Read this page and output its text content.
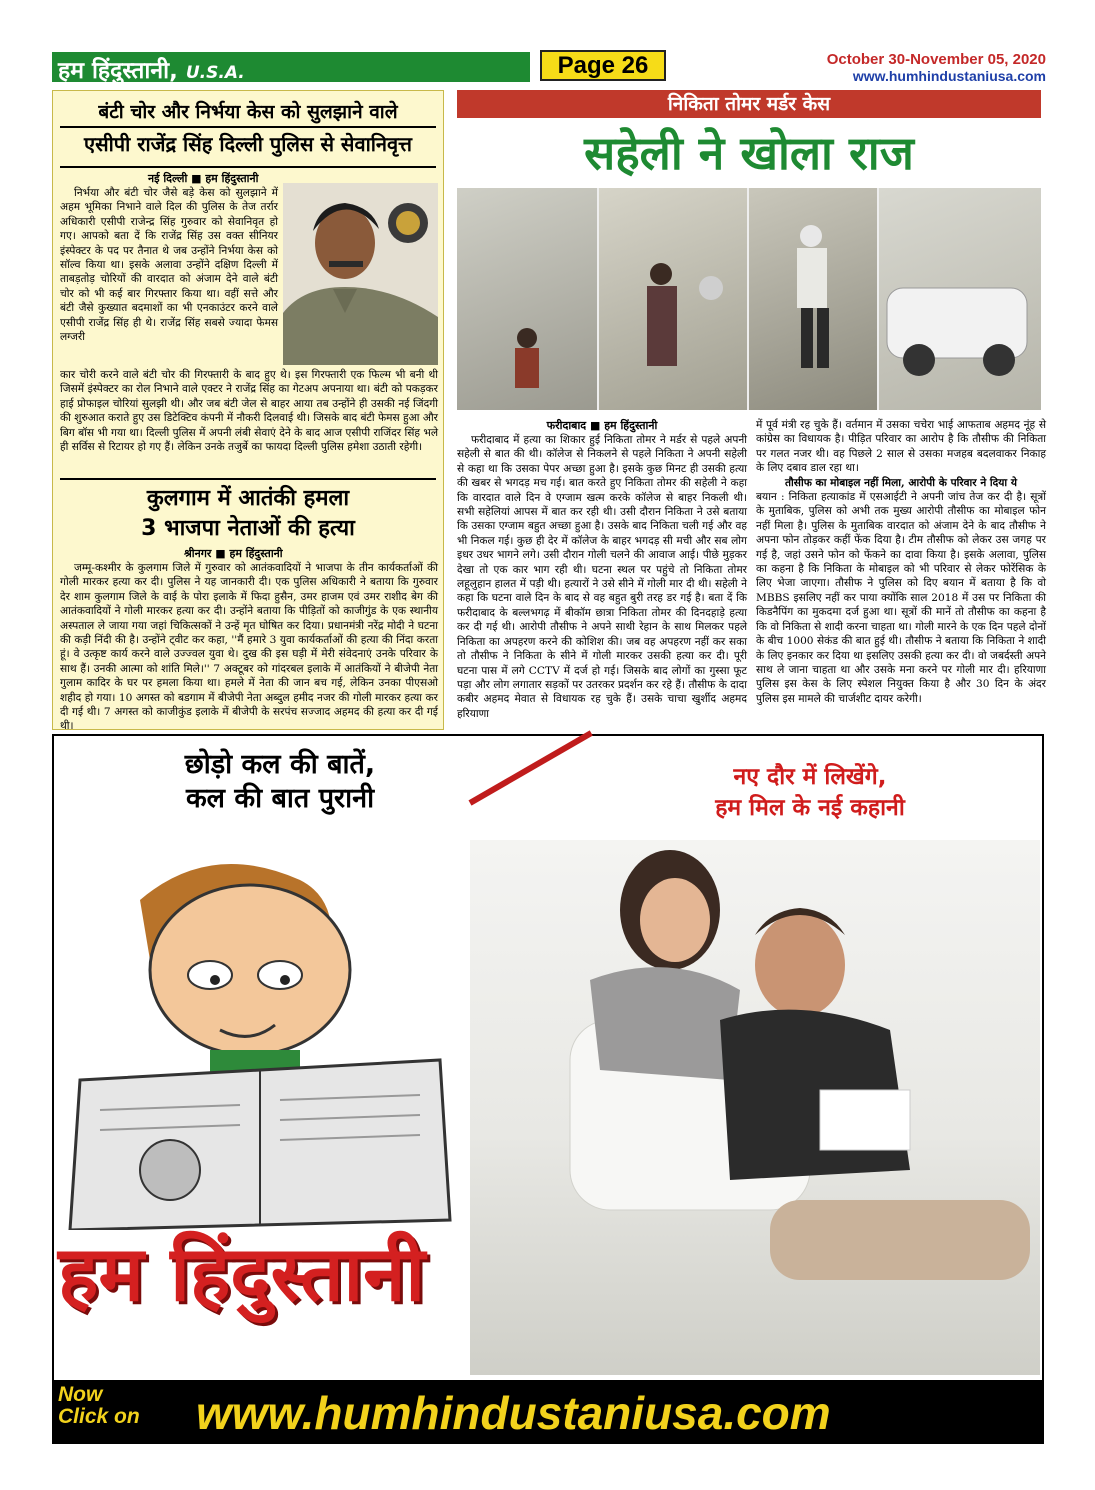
हम हिंदुस्तानी, U.S.A.	Page 26	October 30-November 05, 2020
www.humhindustaniusa.com
बंटी चोर और निर्भया केस को सुलझाने वाले
एसीपी राजेंद्र सिंह दिल्ली पुलिस से सेवानिवृत्त
नई दिल्ली ■ हम हिंदुस्तानी
निर्भया और बंटी चोर जैसे बड़े केस को सुलझाने में अहम भूमिका निभाने वाले दिल की पुलिस के तेज तर्रार अधिकारी एसीपी राजेन्द्र सिंह गुरुवार को सेवानिवृत हो गए। आपको बता दें कि राजेंद्र सिंह उस वक्त सीनियर इंस्पेक्टर के पद पर तैनात थे जब उन्होंने निर्भया केस को सॉल्व किया था। इसके अलावा उन्होंने दक्षिण दिल्ली में ताबड़तोड़ चोरियों की वारदात को अंजाम देने वाले बंटी चोर को भी कई बार गिरफ्तार किया था। वहीं सत्ते और बंटी जैसे कुख्यात बदमाशों का भी एनकाउंटर करने वाले एसीपी राजेंद्र सिंह ही थे। राजेंद्र सिंह सबसे ज्यादा फेमस लग्जरी
कार चोरी करने वाले बंटी चोर की गिरफ्तारी के बाद हुए थे। इस गिरफ्तारी एक फिल्म भी बनी थी जिसमें इंस्पेक्टर का रोल निभाने वाले एक्टर ने राजेंद्र सिंह का गेटअप अपनाया था। बंटी को पकड़कर हाई प्रोफाइल चोरियां सुलझी थी। और जब बंटी जेल से बाहर आया तब उन्होंने ही उसकी नई जिंदगी की शुरुआत कराते हुए उस डिटेक्टिव कंपनी में नौकरी दिलवाई थी। जिसके बाद बंटी फेमस हुआ और बिग बॉस भी गया था। दिल्ली पुलिस में अपनी लंबी सेवाएं देने के बाद आज एसीपी राजिंदर सिंह भले ही सर्विस से रिटायर हो गए हैं। लेकिन उनके तजुर्बे का फायदा दिल्ली पुलिस हमेशा उठाती रहेगी।
कुलगाम में आतंकी हमला
3 भाजपा नेताओं की हत्या
श्रीनगर ■ हम हिंदुस्तानी
जम्मू-कश्मीर के कुलगाम जिले में गुरुवार को आतंकवादियों ने भाजपा के तीन कार्यकर्ताओं की गोली मारकर हत्या कर दी। पुलिस ने यह जानकारी दी। एक पुलिस अधिकारी ने बताया कि गुरुवार देर शाम कुलगाम जिले के वाई के पोरा इलाके में फिदा हुसैन, उमर हाजम एवं उमर राशीद बेग की आतंकवादियों ने गोली मारकर हत्या कर दी। उन्होंने बताया कि पीड़ितों को काजीगुंड के एक स्थानीय अस्पताल ले जाया गया जहां चिकित्सकों ने उन्हें मृत घोषित कर दिया। प्रधानमंत्री नरेंद्र मोदी ने घटना की कड़ी निंदी की है। उन्होंने ट्वीट कर कहा, ''मैं हमारे 3 युवा कार्यकर्ताओं की हत्या की निंदा करता हूं। वे उत्कृष्ट कार्य करने वाले उज्ज्वल युवा थे। दुख की इस घड़ी में मेरी संवेदनाएं उनके परिवार के साथ हैं। उनकी आत्मा को शांति मिले।'' 7 अक्टूबर को गांदरबल इलाके में आतंकियों ने बीजेपी नेता गुलाम कादिर के घर पर हमला किया था। हमले में नेता की जान बच गई, लेकिन उनका पीएसओ शहीद हो गया। 10 अगस्त को बडगाम में बीजेपी नेता अब्दुल हमीद नजर की गोली मारकर हत्या कर दी गई थी। 7 अगस्त को काजीकुंड इलाके में बीजेपी के सरपंच सज्जाद अहमद की हत्या कर दी गई थी।
निकिता तोमर मर्डर केस
सहेली ने खोला राज
फरीदाबाद ■ हम हिंदुस्तानी
फरीदाबाद में हत्या का शिकार हुई निकिता तोमर ने मर्डर से पहले अपनी सहेली से बात की थी। कॉलेज से निकलने से पहले निकिता ने अपनी सहेली से कहा था कि उसका पेपर अच्छा हुआ है। इसके कुछ मिनट ही उसकी हत्या की खबर से भगदड़ मच गई। बात करते हुए निकिता तोमर की सहेली ने कहा कि वारदात वाले दिन वे एग्जाम खत्म करके कॉलेज से बाहर निकली थी। सभी सहेलियां आपस में बात कर रही थी। उसी दौरान निकिता ने उसे बताया कि उसका एग्जाम बहुत अच्छा हुआ है। उसके बाद निकिता चली गई और वह भी निकल गई। कुछ ही देर में कॉलेज के बाहर भगदड़ सी मची और सब लोग इधर उधर भागने लगे। उसी दौरान गोली चलने की आवाज आई। पीछे मुड़कर देखा तो एक कार भाग रही थी। घटना स्थल पर पहुंचे तो निकिता तोमर लहूलुहान हालत में पड़ी थी। हत्यारों ने उसे सीने में गोली मार दी थी। सहेली ने कहा कि घटना वाले दिन के बाद से वह बहुत बुरी तरह डर गई है। बता दें कि फरीदाबाद के बल्लभगढ़ में बीकॉम छात्रा निकिता तोमर की दिनदहाड़े हत्या कर दी गई थी। आरोपी तौसीफ ने अपने साथी रेहान के साथ मिलकर पहले निकिता का अपहरण करने की कोशिश की। जब वह अपहरण नहीं कर सका तो तौसीफ ने निकिता के सीने में गोली मारकर उसकी हत्या कर दी। पूरी घटना पास में लगे CCTV में दर्ज हो गई। जिसके बाद लोगों का गुस्सा फूट पड़ा और लोग लगातार सड़कों पर उतरकर प्रदर्शन कर रहे हैं। तौसीफ के दादा कबीर अहमद मेवात से विधायक रह चुके हैं। उसके चाचा खुर्शीद अहमद हरियाणा
में पूर्व मंत्री रह चुके हैं। वर्तमान में उसका चचेरा भाई आफताब अहमद नूंह से कांग्रेस का विधायक है। पीड़ित परिवार का आरोप है कि तौसीफ की निकिता पर गलत नजर थी। वह पिछले 2 साल से उसका मजहब बदलवाकर निकाह के लिए दबाव डाल रहा था।
तौसीफ का मोबाइल नहीं मिला, आरोपी के परिवार ने दिया ये
बयान : निकिता हत्याकांड में एसआईटी ने अपनी जांच तेज कर दी है। सूत्रों के मुताबिक, पुलिस को अभी तक मुख्य आरोपी तौसीफ का मोबाइल फोन नहीं मिला है। पुलिस के मुताबिक वारदात को अंजाम देने के बाद तौसीफ ने अपना फोन तोड़कर कहीं फेंक दिया है। टीम तौसीफ को लेकर उस जगह पर गई है, जहां उसने फोन को फेंकने का दावा किया है। इसके अलावा, पुलिस का कहना है कि निकिता के मोबाइल को भी परिवार से लेकर फोरेंसिक के लिए भेजा जाएगा। तौसीफ ने पुलिस को दिए बयान में बताया है कि वो MBBS इसलिए नहीं कर पाया क्योंकि साल 2018 में उस पर निकिता की किडनैपिंग का मुकदमा दर्ज हुआ था। सूत्रों की मानें तो तौसीफ का कहना है कि वो निकिता से शादी करना चाहता था। गोली मारने के एक दिन पहले दोनों के बीच 1000 सेकंड की बात हुई थी। तौसीफ ने बताया कि निकिता ने शादी के लिए इनकार कर दिया था इसलिए उसकी हत्या कर दी। वो जबर्दस्ती अपने साथ ले जाना चाहता था और उसके मना करने पर गोली मार दी। हरियाणा पुलिस इस केस के लिए स्पेशल नियुक्त किया है और 30 दिन के अंदर पुलिस इस मामले की चार्जशीट दायर करेगी।
छोड़ो कल की बातें,
कल की बात पुरानी
नए दौर में लिखेंगे,
हम मिल के नई कहानी
हम हिंदुस्तानी
Now
Click on www.humhindustaniusa.com
